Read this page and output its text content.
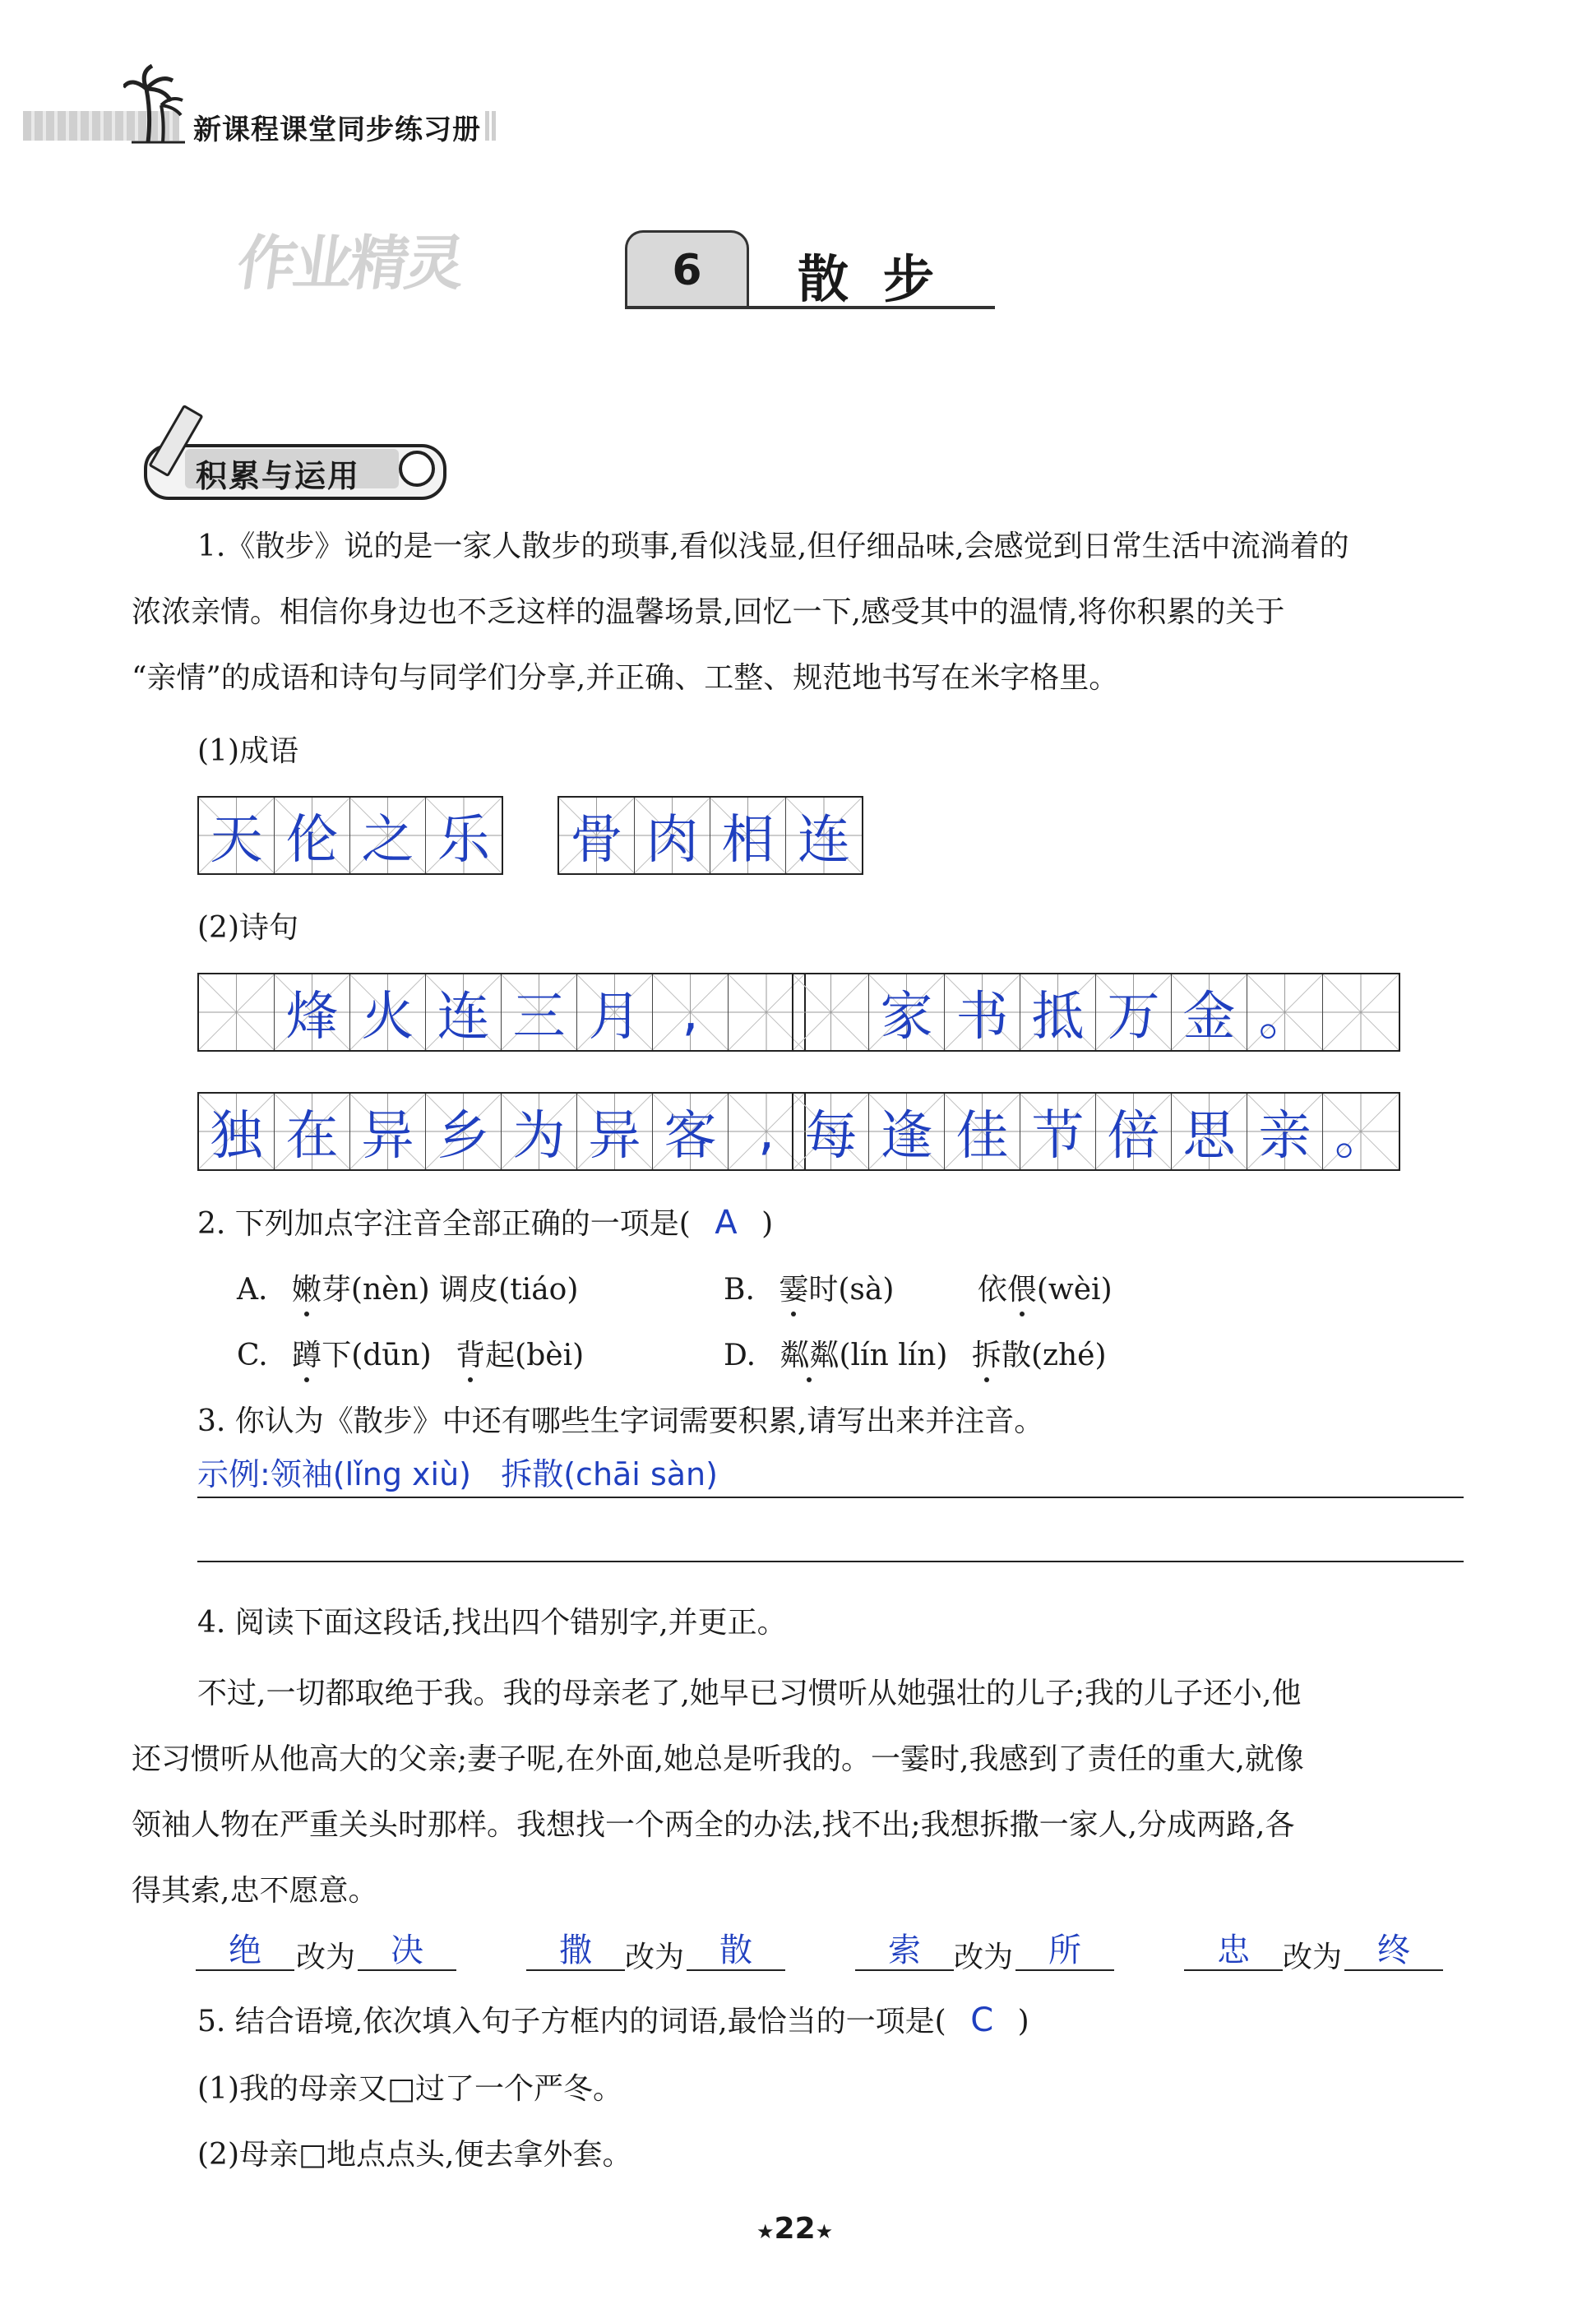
新课程课堂同步练习册
作业精灵	6	散步
积累与运用
1.《散步》说的是一家人散步的琐事,看似浅显,但仔细品味,会感觉到日常生活中流淌着的
浓浓亲情。相信你身边也不乏这样的温馨场景,回忆一下,感受其中的温情,将你积累的关于
“亲情”的成语和诗句与同学们分享,并正确、工整、规范地书写在米字格里。
(1)成语
天 伦 之 乐 骨 肉 相 连
(2)诗句
烽 火 连 三 月 ,	家 书 抵 万 金 。
独 在 异 乡 为 异 客 , 每 逢 佳 节 倍 思 亲 。
2. 下列加点字注音全部正确的一项是( A )
A. 嫩芽(nèn) 调皮(tiáo)	B. 霎时(sà)	依偎(wèi)
C. 蹲下(dūn) 背起(bèi)	D. 粼粼(lín lín) 拆散(zhé)
3. 你认为《散步》中还有哪些生字词需要积累,请写出来并注音。
示例:领袖(lǐng xiù)   拆散(chāi sàn)
4. 阅读下面这段话,找出四个错别字,并更正。
不过,一切都取绝于我。我的母亲老了,她早已习惯听从她强壮的儿子;我的儿子还小,他
还习惯听从他高大的父亲;妻子呢,在外面,她总是听我的。一霎时,我感到了责任的重大,就像
领袖人物在严重关头时那样。我想找一个两全的办法,找不出;我想拆撒一家人,分成两路,各
得其索,忠不愿意。
绝	改为	决	撒	改为	散	索	改为	所	忠	改为	终
5. 结合语境,依次填入句子方框内的词语,最恰当的一项是( C )
(1)我的母亲又□过了一个严冬。
(2)母亲□地点点头,便去拿外套。
★22★
